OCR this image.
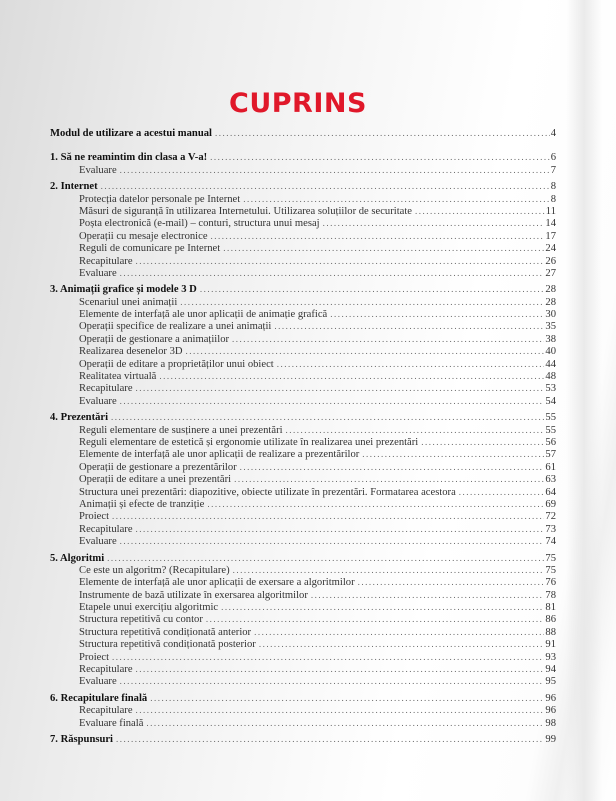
CUPRINS
Modul de utilizare a acestui manual .....	4
1. Să ne reamintim din clasa a V-a! .....	6
Evaluare .....	7
2. Internet .....	8
Protecția datelor personale pe Internet .....	8
Măsuri de siguranță în utilizarea Internetului. Utilizarea soluțiilor de securitate .....	11
Poșta electronică (e-mail) – conturi, structura unui mesaj .....	14
Operații cu mesaje electronice .....	17
Reguli de comunicare pe Internet .....	24
Recapitulare .....	26
Evaluare .....	27
3. Animații grafice și modele 3 D .....	28
Scenariul unei animații .....	28
Elemente de interfață ale unor aplicații de animație grafică .....	30
Operații specifice de realizare a unei animații .....	35
Operații de gestionare a animațiilor .....	38
Realizarea desenelor 3D .....	40
Operații de editare a proprietăților unui obiect .....	44
Realitatea virtuală .....	48
Recapitulare .....	53
Evaluare .....	54
4. Prezentări .....	55
Reguli elementare de susținere a unei prezentări .....	55
Reguli elementare de estetică și ergonomie utilizate în realizarea unei prezentări .....	56
Elemente de interfață ale unor aplicații de realizare a prezentărilor .....	57
Operații de gestionare a prezentărilor .....	61
Operații de editare a unei prezentări .....	63
Structura unei prezentări: diapozitive, obiecte utilizate în prezentări. Formatarea acestora .....	64
Animații și efecte de tranziție .....	69
Proiect .....	72
Recapitulare .....	73
Evaluare .....	74
5. Algoritmi .....	75
Ce este un algoritm? (Recapitulare) .....	75
Elemente de interfață ale unor aplicații de exersare a algoritmilor .....	76
Instrumente de bază utilizate în exersarea algoritmilor .....	78
Etapele unui exercițiu algoritmic .....	81
Structura repetitivă cu contor .....	86
Structura repetitivă condiționată anterior .....	88
Structura repetitivă condiționată posterior .....	91
Proiect .....	93
Recapitulare .....	94
Evaluare .....	95
6. Recapitulare finală .....	96
Recapitulare .....	96
Evaluare finală .....	98
7. Răspunsuri .....	99
